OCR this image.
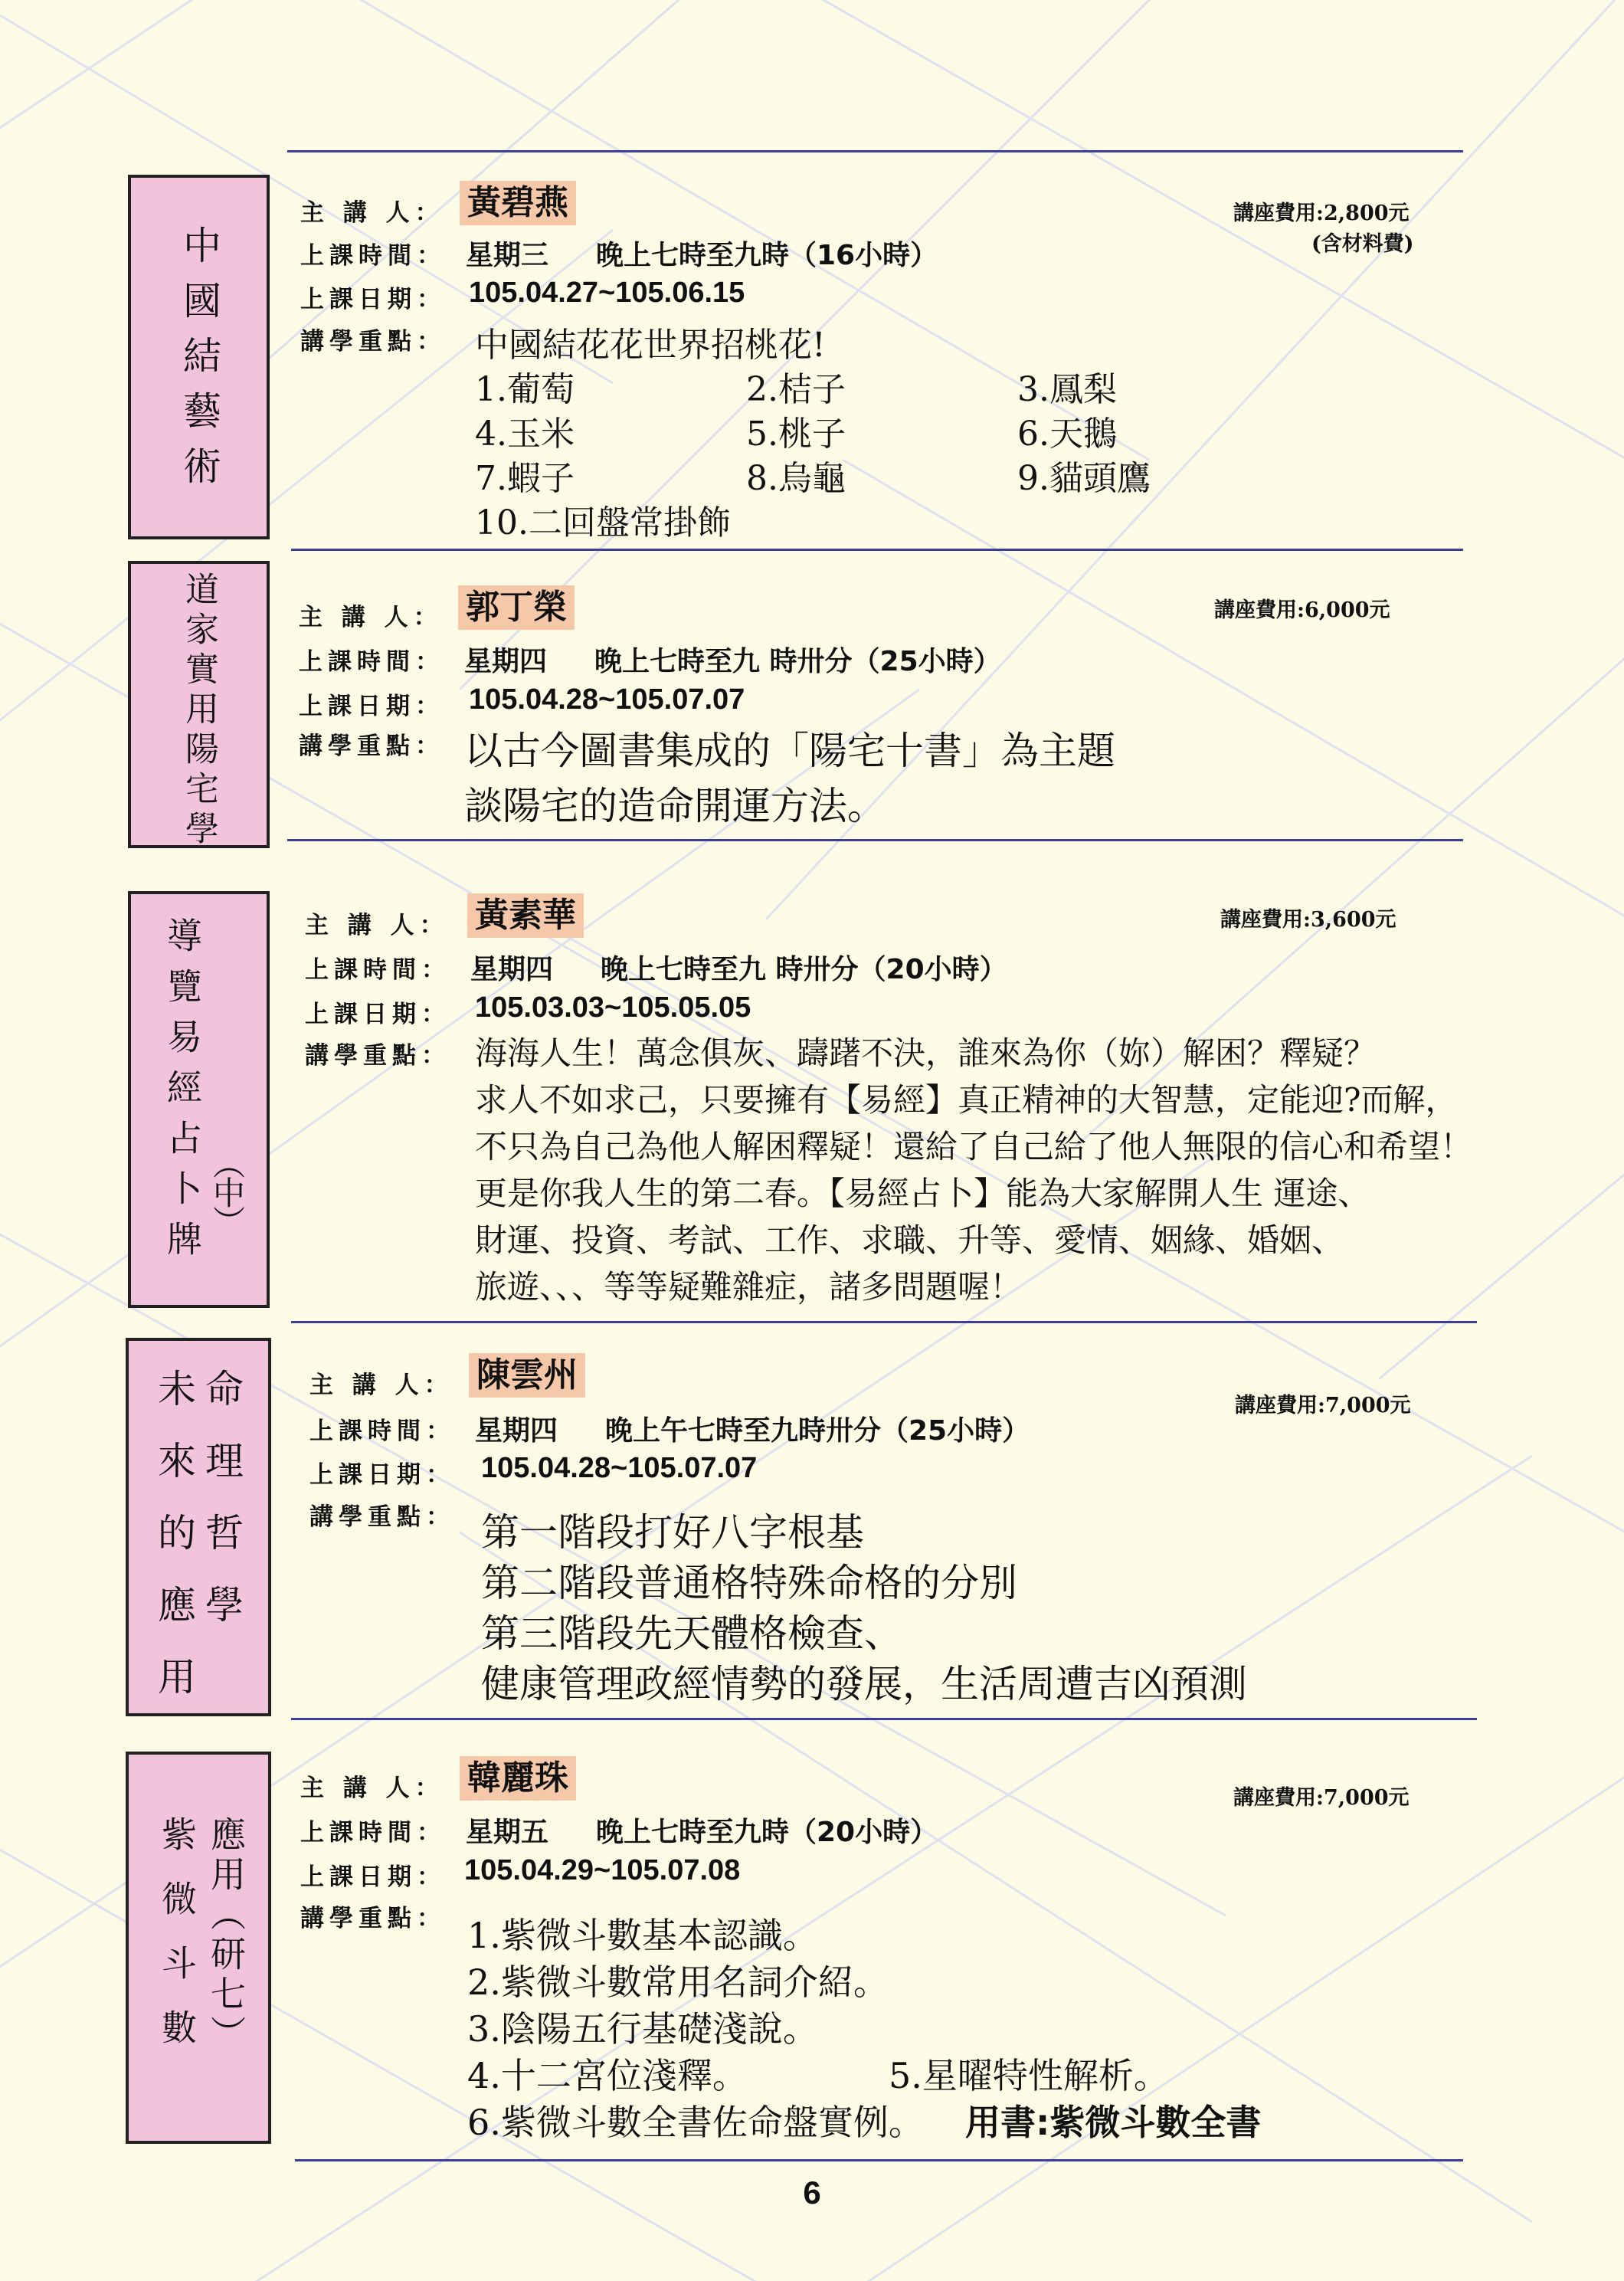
中國結藝術
主 講 人： 黃碧燕	講座費用:2,800元
(含材料費)
上課時間： 星期三 晚上七時至九時（16小時）
上課日期： 105.04.27~105.06.15
講學重點： 中國結花花世界招桃花!
1.葡萄	2.桔子	3.鳳梨
4.玉米	5.桃子	6.天鵝
7.蝦子	8.烏龜	9.貓頭鷹
10.二回盤常掛飾
道家實用陽宅學	主 講 人： 郭丁榮	講座費用:6,000元
上課時間： 星期四 晚上七時至九 時卅分（25小時）
上課日期： 105.04.28~105.07.07
講學重點： 以古今圖書集成的「陽宅十書」為主題
談陽宅的造命開運方法。
導覽易經占卜牌 （中）
主 講 人： 黃素華	講座費用:3,600元
上課時間： 星期四 晚上七時至九 時卅分（20小時）
上課日期： 105.03.03~105.05.05
講學重點： 海海人生！萬念俱灰、躊躇不決，誰來為你（妳）解困？釋疑？
求人不如求己，只要擁有【易經】真正精神的大智慧，定能迎?而解，
不只為自己為他人解困釋疑！還給了自己給了他人無限的信心和希望！
更是你我人生的第二春。【易經占卜】能為大家解開人生 運途、
財運、投資、考試、工作、求職、升等、愛情、姻緣、婚姻、
旅遊、、、等等疑難雜症，諸多問題喔！
命理哲學
未來的應用	主 講 人： 陳雲州
講座費用:7,000元
上課時間： 星期四 晚上午七時至九時卅分（25小時）
上課日期： 105.04.28~105.07.07
講學重點： 第一階段打好八字根基
第二階段普通格特殊命格的分別
第三階段先天體格檢查、
健康管理政經情勢的發展，生活周遭吉凶預測
應用（研七）
紫微斗數
主 講 人： 韓麗珠
講座費用:7,000元
上課時間： 星期五 晚上七時至九時（20小時）
上課日期： 105.04.29~105.07.08
講學重點： 1.紫微斗數基本認識。
2.紫微斗數常用名詞介紹。
3.陰陽五行基礎淺說。
4.十二宮位淺釋。	5.星曜特性解析。
6.紫微斗數全書佐命盤實例。 用書:紫微斗數全書
6
